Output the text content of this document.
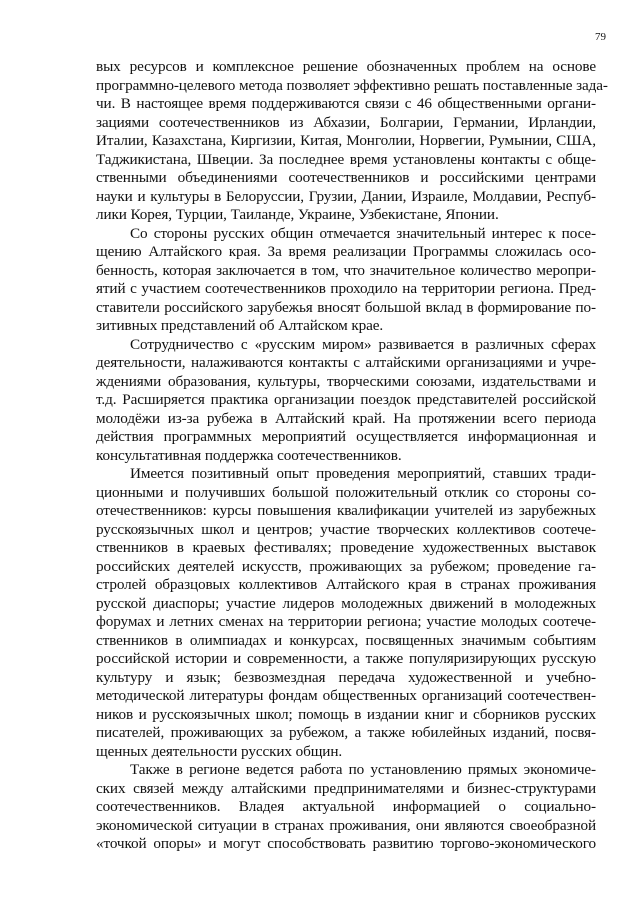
79
вых ресурсов и комплексное решение обозначенных проблем на основе
программно-целевого метода позволяет эффективно решать поставленные зада-
чи. В настоящее время поддерживаются связи с 46 общественными органи-
зациями соотечественников из Абхазии, Болгарии, Германии, Ирландии,
Италии, Казахстана, Киргизии, Китая, Монголии, Норвегии, Румынии, США,
Таджикистана, Швеции. За последнее время установлены контакты с обще-
ственными объединениями соотечественников и российскими центрами
науки и культуры в Белоруссии, Грузии, Дании, Израиле, Молдавии, Респуб-
лики Корея, Турции, Таиланде, Украине, Узбекистане, Японии.
Со стороны русских общин отмечается значительный интерес к посе-
щению Алтайского края. За время реализации Программы сложилась осо-
бенность, которая заключается в том, что значительное количество меропри-
ятий с участием соотечественников проходило на территории региона. Пред-
ставители российского зарубежья вносят большой вклад в формирование по-
зитивных представлений об Алтайском крае.
Сотрудничество с «русским миром» развивается в различных сферах
деятельности, налаживаются контакты с алтайскими организациями и учре-
ждениями образования, культуры, творческими союзами, издательствами и
т.д. Расширяется практика организации поездок представителей российской
молодёжи из-за рубежа в Алтайский край. На протяжении всего периода
действия программных мероприятий осуществляется информационная и
консультативная поддержка соотечественников.
Имеется позитивный опыт проведения мероприятий, ставших тради-
ционными и получивших большой положительный отклик со стороны со-
отечественников: курсы повышения квалификации учителей из зарубежных
русскоязычных школ и центров; участие творческих коллективов соотече-
ственников в краевых фестивалях; проведение художественных выставок
российских деятелей искусств, проживающих за рубежом; проведение га-
стролей образцовых коллективов Алтайского края в странах проживания
русской диаспоры; участие лидеров молодежных движений в молодежных
форумах и летних сменах на территории региона; участие молодых соотече-
ственников в олимпиадах и конкурсах, посвященных значимым событиям
российской истории и современности, а также популяризирующих русскую
культуру и язык; безвозмездная передача художественной и учебно-
методической литературы фондам общественных организаций соотечествен-
ников и русскоязычных школ; помощь в издании книг и сборников русских
писателей, проживающих за рубежом, а также юбилейных изданий, посвя-
щенных деятельности русских общин.
Также в регионе ведется работа по установлению прямых экономиче-
ских связей между алтайскими предпринимателями и бизнес-структурами
соотечественников. Владея актуальной информацией о социально-
экономической ситуации в странах проживания, они являются своеобразной
«точкой опоры» и могут способствовать развитию торгово-экономического
